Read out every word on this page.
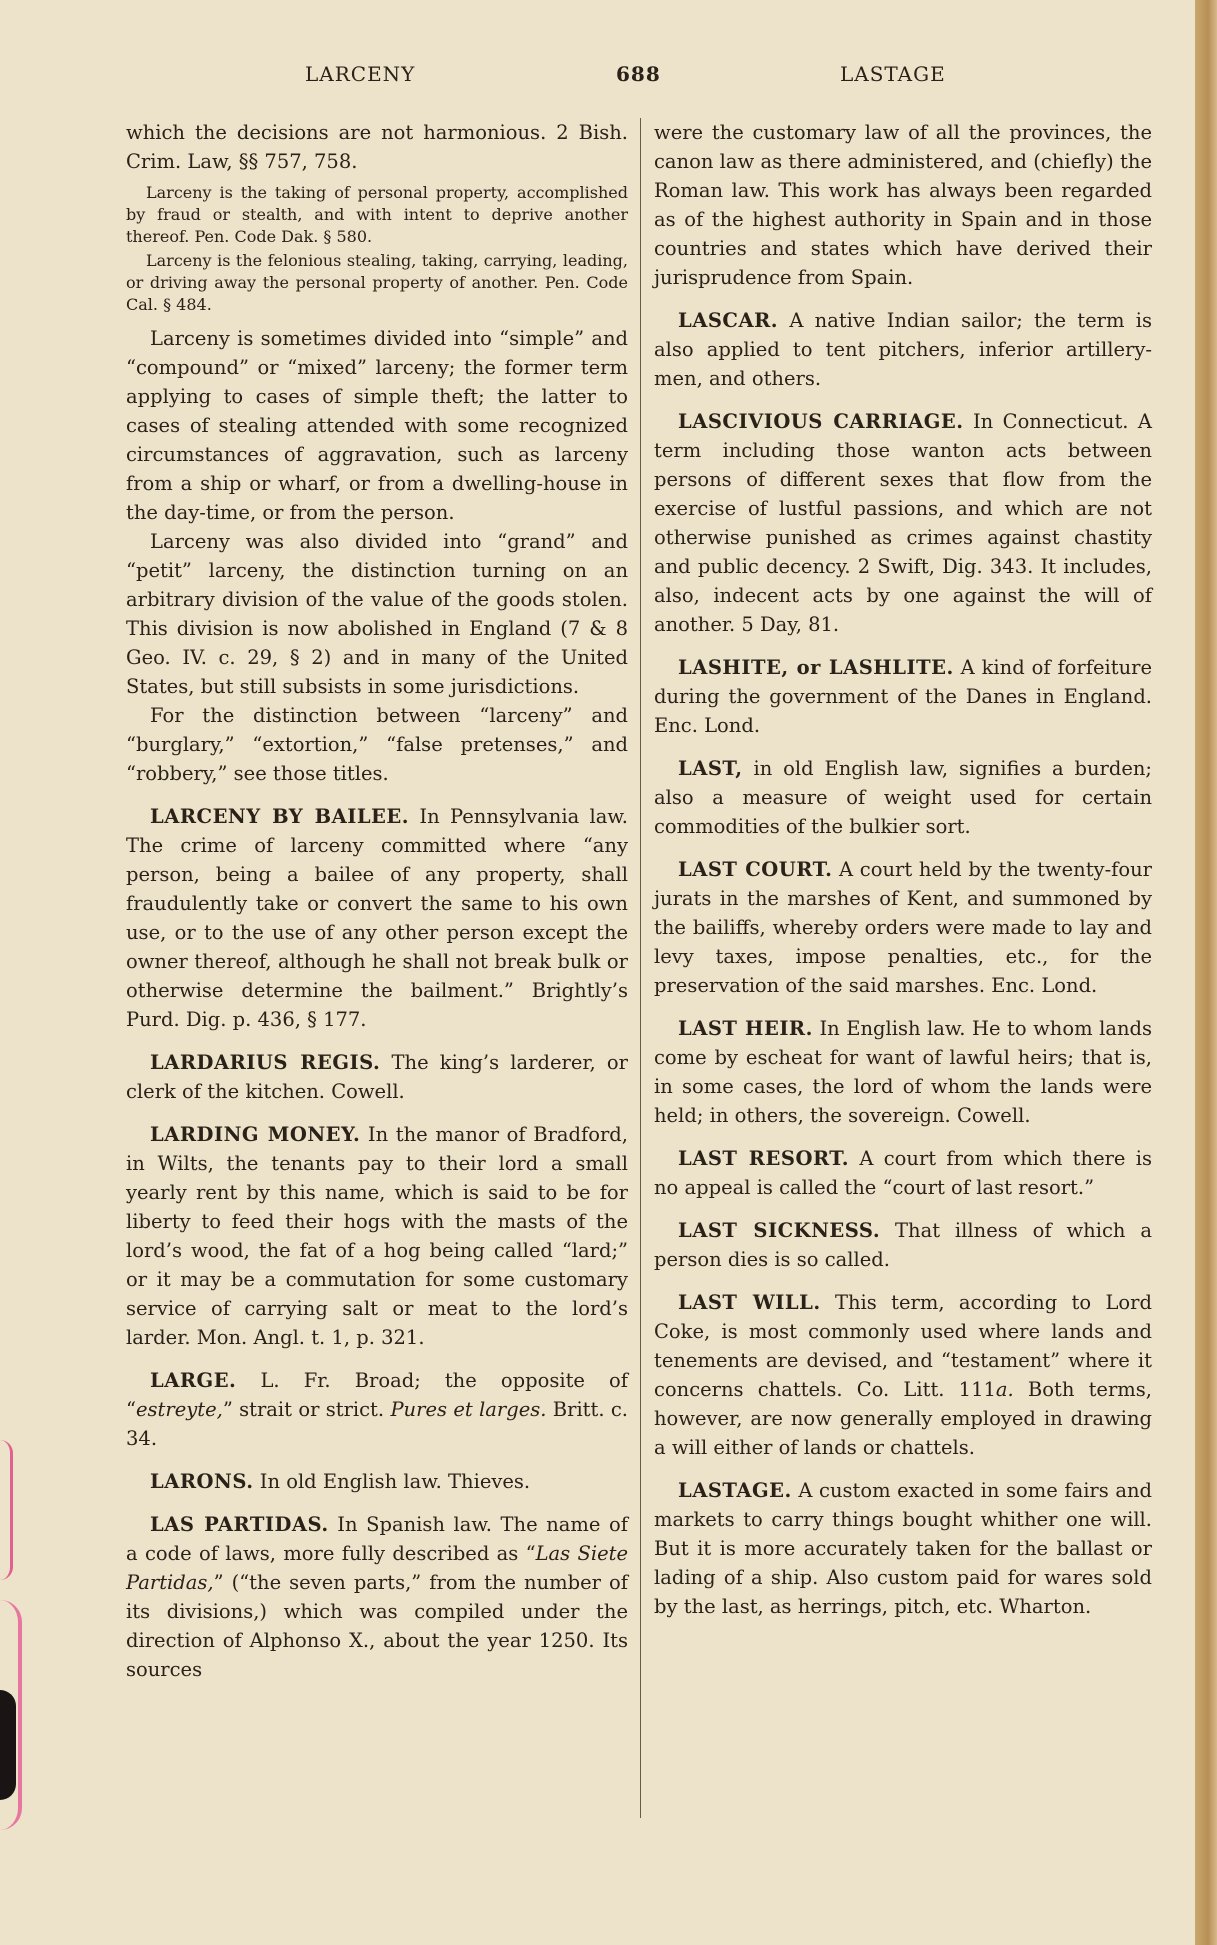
LARCENY	688	LASTAGE

which the decisions are not harmonious. 2 Bish. Crim. Law, §§ 757, 758.

Larceny is the taking of personal property, accomplished by fraud or stealth, and with intent to deprive another thereof. Pen. Code Dak. § 580.

Larceny is the felonious stealing, taking, carrying, leading, or driving away the personal property of another. Pen. Code Cal. § 484.

Larceny is sometimes divided into “simple” and “compound” or “mixed” larceny; the former term applying to cases of simple theft; the latter to cases of stealing attended with some recognized circumstances of aggravation, such as larceny from a ship or wharf, or from a dwelling-house in the day-time, or from the person.

Larceny was also divided into “grand” and “petit” larceny, the distinction turning on an arbitrary division of the value of the goods stolen. This division is now abolished in England (7 & 8 Geo. IV. c. 29, § 2) and in many of the United States, but still subsists in some jurisdictions.

For the distinction between “larceny” and “burglary,” “extortion,” “false pretenses,” and “robbery,” see those titles.

LARCENY BY BAILEE. In Pennsylvania law. The crime of larceny committed where “any person, being a bailee of any property, shall fraudulently take or convert the same to his own use, or to the use of any other person except the owner thereof, although he shall not break bulk or otherwise determine the bailment.” Brightly’s Purd. Dig. p. 436, § 177.

LARDARIUS REGIS. The king’s larderer, or clerk of the kitchen. Cowell.

LARDING MONEY. In the manor of Bradford, in Wilts, the tenants pay to their lord a small yearly rent by this name, which is said to be for liberty to feed their hogs with the masts of the lord’s wood, the fat of a hog being called “lard;” or it may be a commutation for some customary service of carrying salt or meat to the lord’s larder. Mon. Angl. t. 1, p. 321.

LARGE. L. Fr. Broad; the opposite of “estreyte,” strait or strict. Pures et larges. Britt. c. 34.

LARONS. In old English law. Thieves.

LAS PARTIDAS. In Spanish law. The name of a code of laws, more fully described as “Las Siete Partidas,” (“the seven parts,” from the number of its divisions,) which was compiled under the direction of Alphonso X., about the year 1250. Its sources

were the customary law of all the provinces, the canon law as there administered, and (chiefly) the Roman law. This work has always been regarded as of the highest authority in Spain and in those countries and states which have derived their jurisprudence from Spain.

LASCAR. A native Indian sailor; the term is also applied to tent pitchers, inferior artillery-men, and others.

LASCIVIOUS CARRIAGE. In Connecticut. A term including those wanton acts between persons of different sexes that flow from the exercise of lustful passions, and which are not otherwise punished as crimes against chastity and public decency. 2 Swift, Dig. 343. It includes, also, indecent acts by one against the will of another. 5 Day, 81.

LASHITE, or LASHLITE. A kind of forfeiture during the government of the Danes in England. Enc. Lond.

LAST, in old English law, signifies a burden; also a measure of weight used for certain commodities of the bulkier sort.

LAST COURT. A court held by the twenty-four jurats in the marshes of Kent, and summoned by the bailiffs, whereby orders were made to lay and levy taxes, impose penalties, etc., for the preservation of the said marshes. Enc. Lond.

LAST HEIR. In English law. He to whom lands come by escheat for want of lawful heirs; that is, in some cases, the lord of whom the lands were held; in others, the sovereign. Cowell.

LAST RESORT. A court from which there is no appeal is called the “court of last resort.”

LAST SICKNESS. That illness of which a person dies is so called.

LAST WILL. This term, according to Lord Coke, is most commonly used where lands and tenements are devised, and “testament” where it concerns chattels. Co. Litt. 111a. Both terms, however, are now generally employed in drawing a will either of lands or chattels.

LASTAGE. A custom exacted in some fairs and markets to carry things bought whither one will. But it is more accurately taken for the ballast or lading of a ship. Also custom paid for wares sold by the last, as herrings, pitch, etc. Wharton.
